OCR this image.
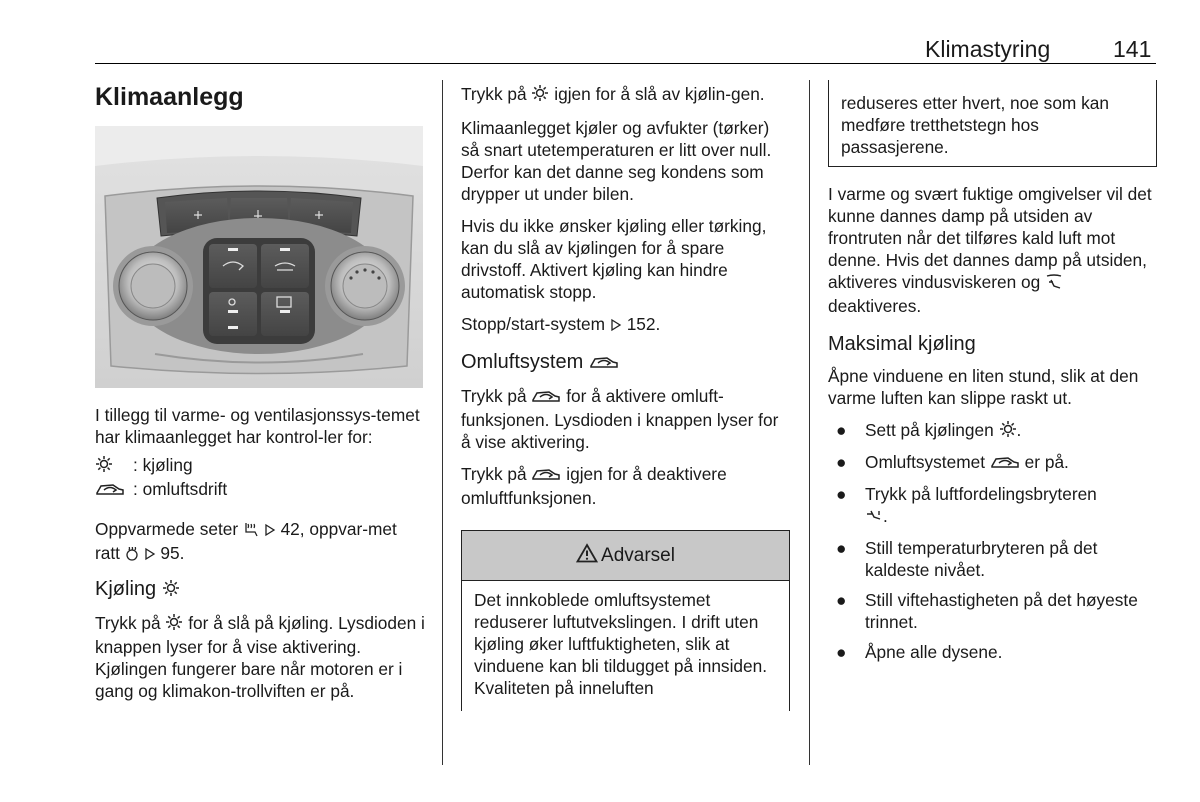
Klimastyring	141
Klimaanlegg

I tillegg til varme- og ventilasjonssys-temet har klimaanlegget har kontrol-ler for:

: kjøling
: omluftsdrift

Oppvarmede seter 42, oppvar-met ratt 95.

Kjøling

Trykk på for å slå på kjøling. Lysdioden i knappen lyser for å vise aktivering. Kjølingen fungerer bare når motoren er i gang og klimakon-trollviften er på.

Trykk på igjen for å slå av kjølin-gen.

Klimaanlegget kjøler og avfukter (tørker) så snart utetemperaturen er litt over null. Derfor kan det danne seg kondens som drypper ut under bilen.

Hvis du ikke ønsker kjøling eller tørking, kan du slå av kjølingen for å spare drivstoff. Aktivert kjøling kan hindre automatisk stopp.

Stopp/start-system 152.

Omluftsystem

Trykk på for å aktivere omluft-funksjonen. Lysdioden i knappen lyser for å vise aktivering.

Trykk på igjen for å deaktivere omluftfunksjonen.

Advarsel
Det innkoblede omluftsystemet reduserer luftutvekslingen. I drift uten kjøling øker luftfuktigheten, slik at vinduene kan bli tildugget på innsiden. Kvaliteten på inneluften
reduseres etter hvert, noe som kan medføre tretthetstegn hos passasjerene.

I varme og svært fuktige omgivelser vil det kunne dannes damp på utsiden av frontruten når det tilføres kald luft mot denne. Hvis det dannes damp på utsiden, aktiveres vindusviskeren og  deaktiveres.

Maksimal kjøling

Åpne vinduene en liten stund, slik at den varme luften kan slippe raskt ut.

● Sett på kjølingen .
● Omluftsystemet er på.
● Trykk på luftfordelingsbryteren
.
● Still temperaturbryteren på det kaldeste nivået.
● Still viftehastigheten på det høyeste trinnet.
● Åpne alle dysene.
